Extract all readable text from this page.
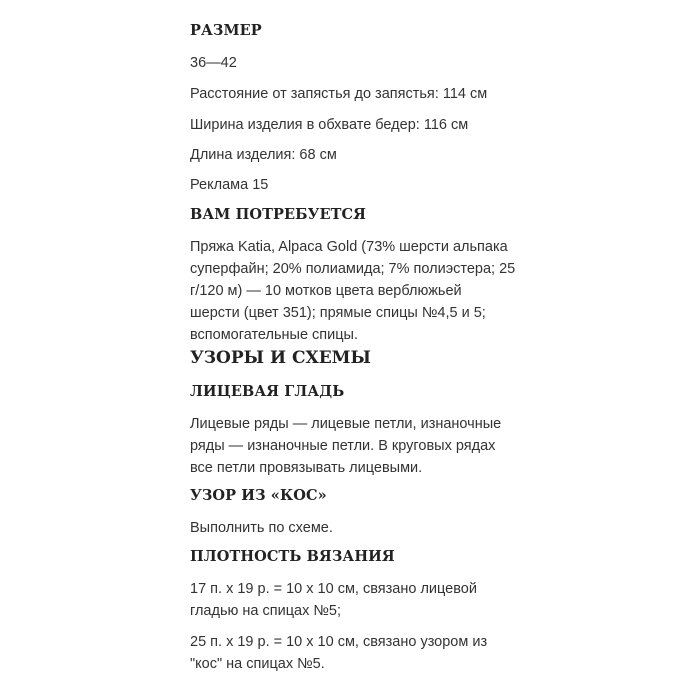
РАЗМЕР
36—42
Расстояние от запястья до запястья: 114 см
Ширина изделия в обхвате бедер: 116 см
Длина изделия: 68 см
Реклама 15
ВАМ ПОТРЕБУЕТСЯ
Пряжа Katia, Alpaca Gold (73% шерсти альпака
суперфайн; 20% полиамида; 7% полиэстера; 25
г/120 м) — 10 мотков цвета верблюжьей
шерсти (цвет 351); прямые спицы №4,5 и 5;
вспомогательные спицы.
УЗОРЫ И СХЕМЫ
ЛИЦЕВАЯ ГЛАДЬ
Лицевые ряды — лицевые петли, изнаночные
ряды — изнаночные петли. В круговых рядах
все петли провязывать лицевыми.
УЗОР ИЗ «КОС»
Выполнить по схеме.
ПЛОТНОСТЬ ВЯЗАНИЯ
17 п. х 19 р. = 10 х 10 см, связано лицевой
гладью на спицах №5;
25 п. х 19 р. = 10 х 10 см, связано узором из
"кос" на спицах №5.
